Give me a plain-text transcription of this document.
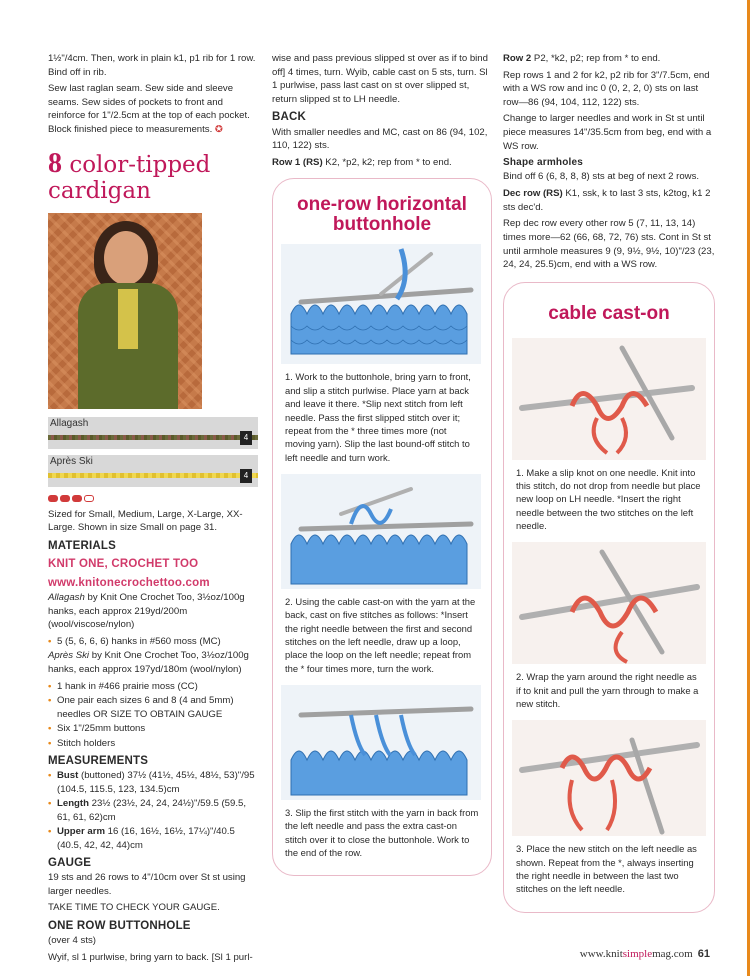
1½"/4cm. Then, work in plain k1, p1 rib for 1 row. Bind off in rib.

Sew last raglan seam. Sew side and sleeve seams. Sew sides of pockets to front and reinforce for 1"/2.5cm at the top of each pocket. Block finished piece to measurements. ✪

8 color-tipped cardigan
Allagash
4
Après Ski
4

Sized for Small, Medium, Large, X-Large, XX-Large. Shown in size Small on page 31.

MATERIALS
KNIT ONE, CROCHET TOO
www.knitonecrochettoo.com

Allagash by Knit One Crochet Too, 3½oz/100g hanks, each approx 219yd/200m (wool/viscose/nylon)

• 5 (5, 6, 6, 6) hanks in #560 moss (MC)

Après Ski by Knit One Crochet Too, 3½oz/100g hanks, each approx 197yd/180m (wool/nylon)

• 1 hank in #466 prairie moss (CC)
• One pair each sizes 6 and 8 (4 and 5mm) needles OR SIZE TO OBTAIN GAUGE
• Six 1"/25mm buttons
• Stitch holders
MEASUREMENTS
• Bust (buttoned) 37½ (41½, 45½, 48½, 53)"/95 (104.5, 115.5, 123, 134.5)cm
• Length 23½ (23½, 24, 24, 24½)"/59.5 (59.5, 61, 61, 62)cm
• Upper arm 16 (16, 16½, 16½, 17¼)"/40.5 (40.5, 42, 42, 44)cm
GAUGE

19 sts and 26 rows to 4"/10cm over St st using larger needles.

TAKE TIME TO CHECK YOUR GAUGE.

ONE ROW BUTTONHOLE

(over 4 sts)

Wyif, sl 1 purlwise, bring yarn to back. [Sl 1 purl-

wise and pass previous slipped st over as if to bind off] 4 times, turn. Wyib, cable cast on 5 sts, turn. Sl 1 purlwise, pass last cast on st over slipped st, return slipped st to LH needle.

BACK

With smaller needles and MC, cast on 86 (94, 102, 110, 122) sts.

Row 1 (RS) K2, *p2, k2; rep from * to end.

one-row horizontal buttonhole
1. Work to the buttonhole, bring yarn to front, and slip a stitch purlwise. Place yarn at back and leave it there. *Slip next stitch from left needle. Pass the first slipped stitch over it; repeat from the * three times more (not moving yarn). Slip the last bound-off stitch to left needle and turn work.
2. Using the cable cast-on with the yarn at the back, cast on five stitches as follows: *Insert the right needle between the first and second stitches on the left needle, draw up a loop, place the loop on the left needle; repeat from the * four times more, turn the work.
3. Slip the first stitch with the yarn in back from the left needle and pass the extra cast-on stitch over it to close the buttonhole. Work to the end of the row.

Row 2 P2, *k2, p2; rep from * to end.

Rep rows 1 and 2 for k2, p2 rib for 3"/7.5cm, end with a WS row and inc 0 (0, 2, 2, 0) sts on last row—86 (94, 104, 112, 122) sts.

Change to larger needles and work in St st until piece measures 14"/35.5cm from beg, end with a WS row.

Shape armholes

Bind off 6 (6, 8, 8, 8) sts at beg of next 2 rows.

Dec row (RS) K1, ssk, k to last 3 sts, k2tog, k1 2 sts dec'd.

Rep dec row every other row 5 (7, 11, 13, 14) times more—62 (66, 68, 72, 76) sts. Cont in St st until armhole measures 9 (9, 9½, 9½, 10)"/23 (23, 24, 24, 25.5)cm, end with a WS row.

cable cast-on
1. Make a slip knot on one needle. Knit into this stitch, do not drop from needle but place new loop on LH needle. *Insert the right needle between the two stitches on the left needle.
2. Wrap the yarn around the right needle as if to knit and pull the yarn through to make a new stitch.
3. Place the new stitch on the left needle as shown. Repeat from the *, always inserting the right needle in between the last two stitches on the left needle.
www.knitsimplemag.com 61
